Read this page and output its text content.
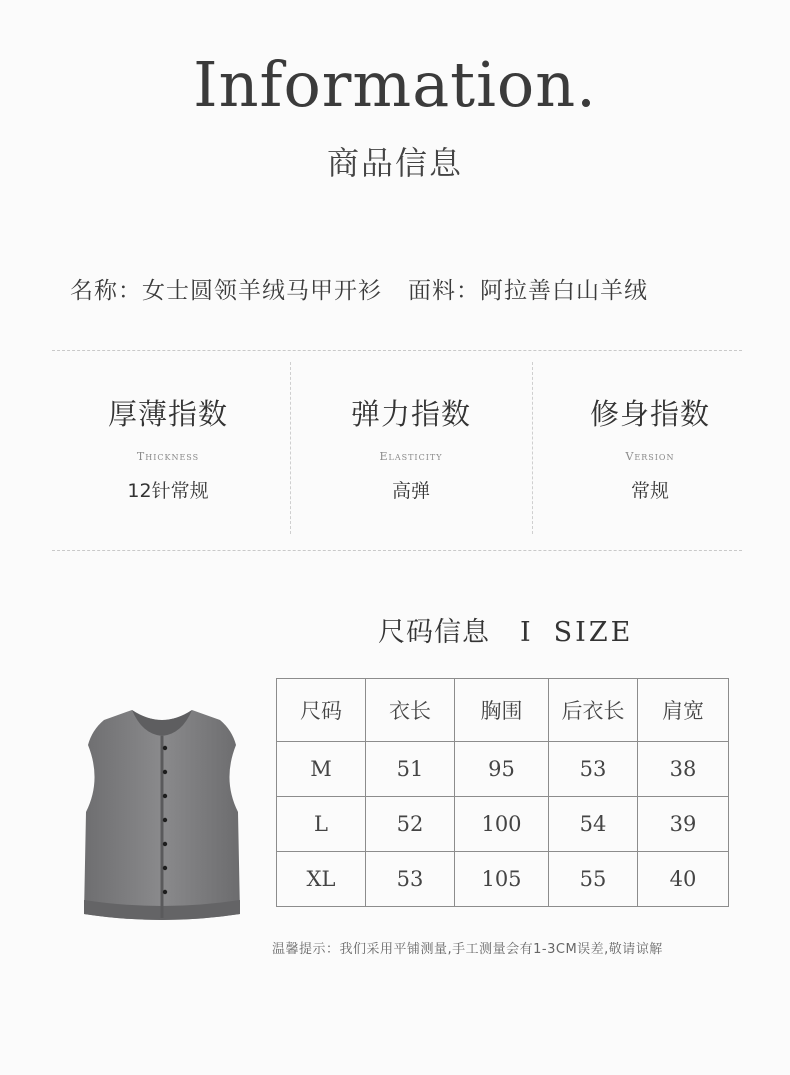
Information.
商品信息
名称：女士圆领羊绒马甲开衫 面料：阿拉善白山羊绒
厚薄指数
Thickness
12针常规
弹力指数
Elasticity
高弹
修身指数
Version
常规
尺码信息 I SIZE
尺码	衣长	胸围	后衣长	肩宽
M	51	95	53	38
L	52	100	54	39
XL	53	105	55	40
温馨提示：我们采用平铺测量,手工测量会有1-3CM误差,敬请谅解
